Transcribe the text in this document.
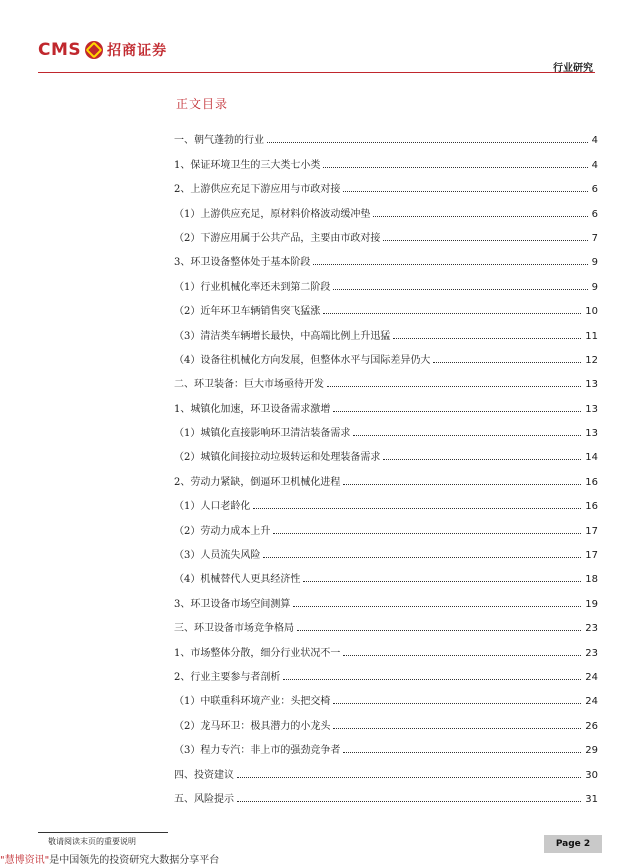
CMS 招商证券
行业研究
正文目录
一、朝气蓬勃的行业	4
1、保证环境卫生的三大类七小类	4
2、上游供应充足下游应用与市政对接	6
（1）上游供应充足，原材料价格波动缓冲垫	6
（2）下游应用属于公共产品，主要由市政对接	7
3、环卫设备整体处于基本阶段	9
（1）行业机械化率还未到第二阶段	9
（2）近年环卫车辆销售突飞猛涨	10
（3）清洁类车辆增长最快，中高端比例上升迅猛	11
（4）设备往机械化方向发展，但整体水平与国际差异仍大	12
二、环卫装备：巨大市场亟待开发	13
1、城镇化加速，环卫设备需求激增	13
（1）城镇化直接影响环卫清洁装备需求	13
（2）城镇化间接拉动垃圾转运和处理装备需求	14
2、劳动力紧缺，倒逼环卫机械化进程	16
（1）人口老龄化	16
（2）劳动力成本上升	17
（3）人员流失风险	17
（4）机械替代人更具经济性	18
3、环卫设备市场空间测算	19
三、环卫设备市场竞争格局	23
1、市场整体分散，细分行业状况不一	23
2、行业主要参与者剖析	24
（1）中联重科环境产业：头把交椅	24
（2）龙马环卫：极具潜力的小龙头	26
（3）程力专汽：非上市的强劲竞争者	29
四、投资建议	30
五、风险提示	31
敬请阅读末页的重要说明	Page 2
"慧博资讯"是中国领先的投资研究大数据分享平台
